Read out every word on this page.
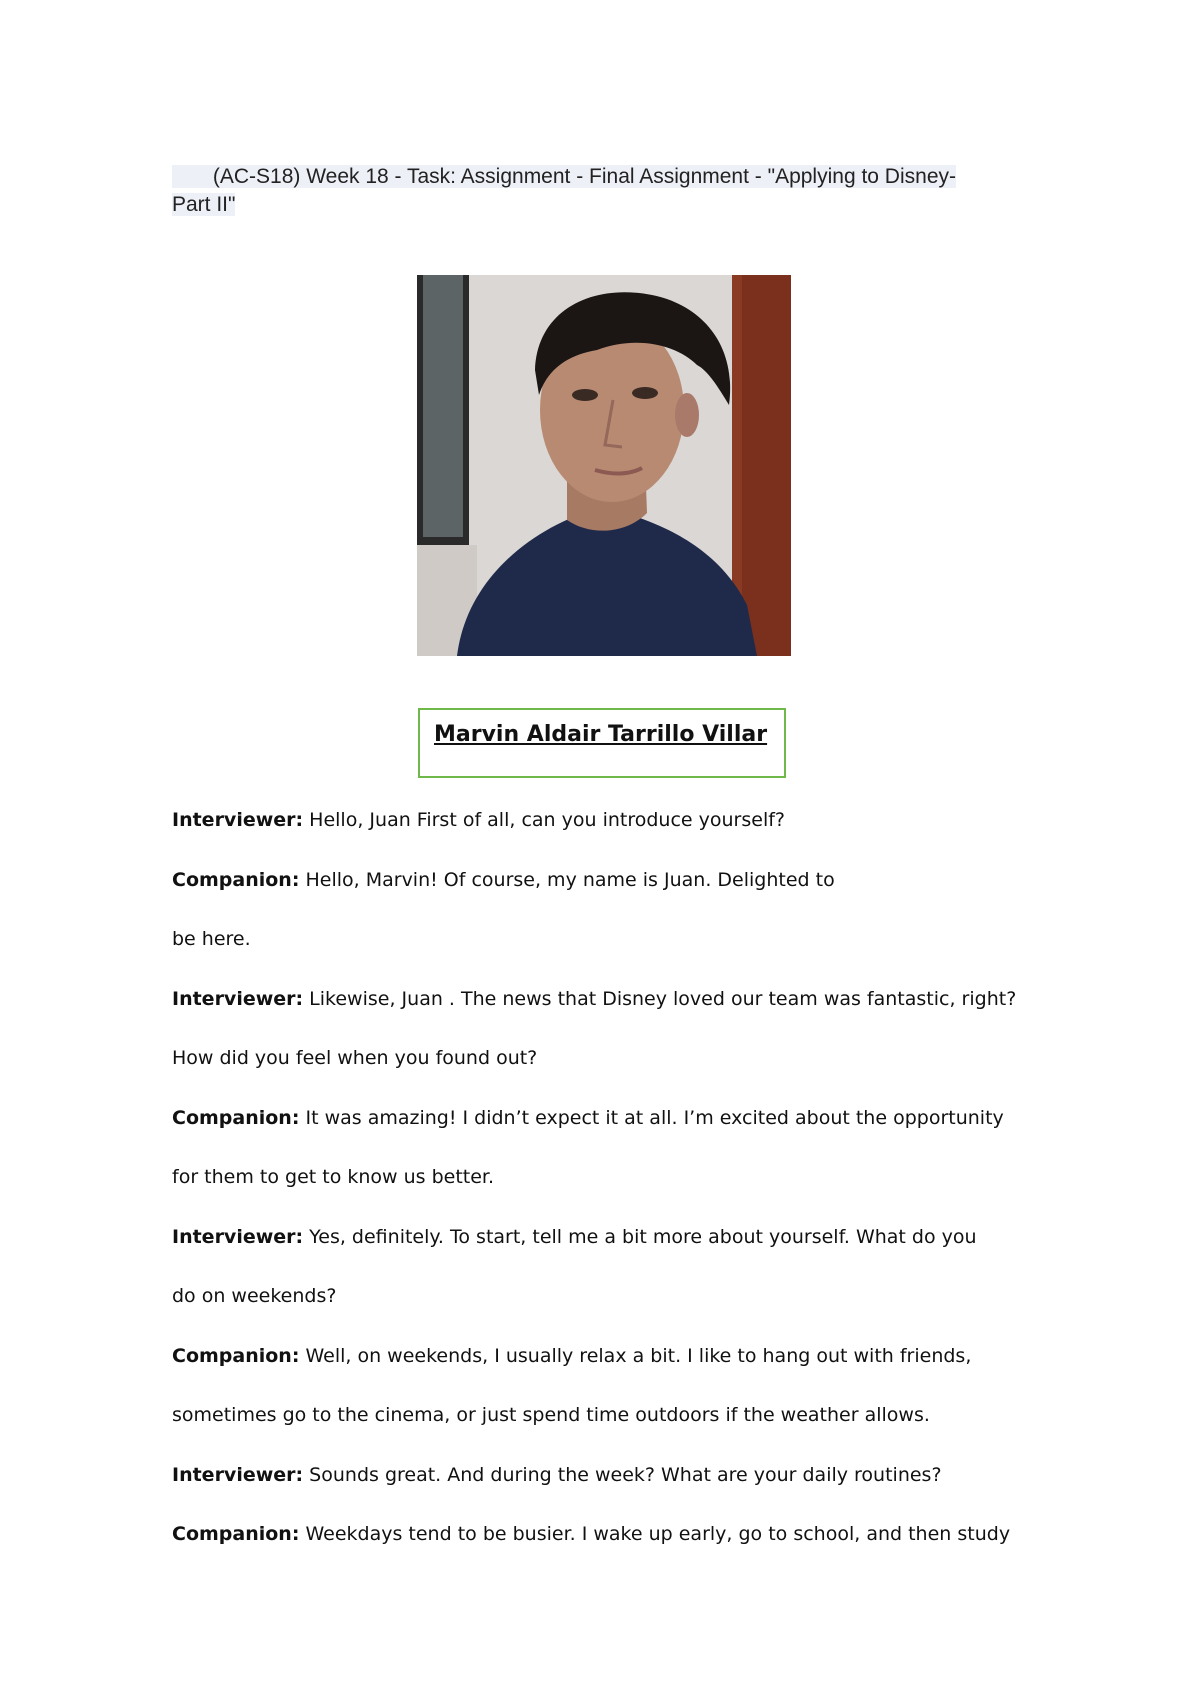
(AC-S18) Week 18 - Task: Assignment - Final Assignment - "Applying to Disney-
Part II"
Marvin Aldair Tarrillo Villar
Interviewer: Hello, Juan First of all, can you introduce yourself?
Companion: Hello, Marvin! Of course, my name is Juan. Delighted to
be here.
Interviewer: Likewise, Juan . The news that Disney loved our team was fantastic, right?
How did you feel when you found out?
Companion: It was amazing! I didn’t expect it at all. I’m excited about the opportunity
for them to get to know us better.
Interviewer: Yes, definitely. To start, tell me a bit more about yourself. What do you
do on weekends?
Companion: Well, on weekends, I usually relax a bit. I like to hang out with friends,
sometimes go to the cinema, or just spend time outdoors if the weather allows.
Interviewer: Sounds great. And during the week? What are your daily routines?
Companion: Weekdays tend to be busier. I wake up early, go to school, and then study
